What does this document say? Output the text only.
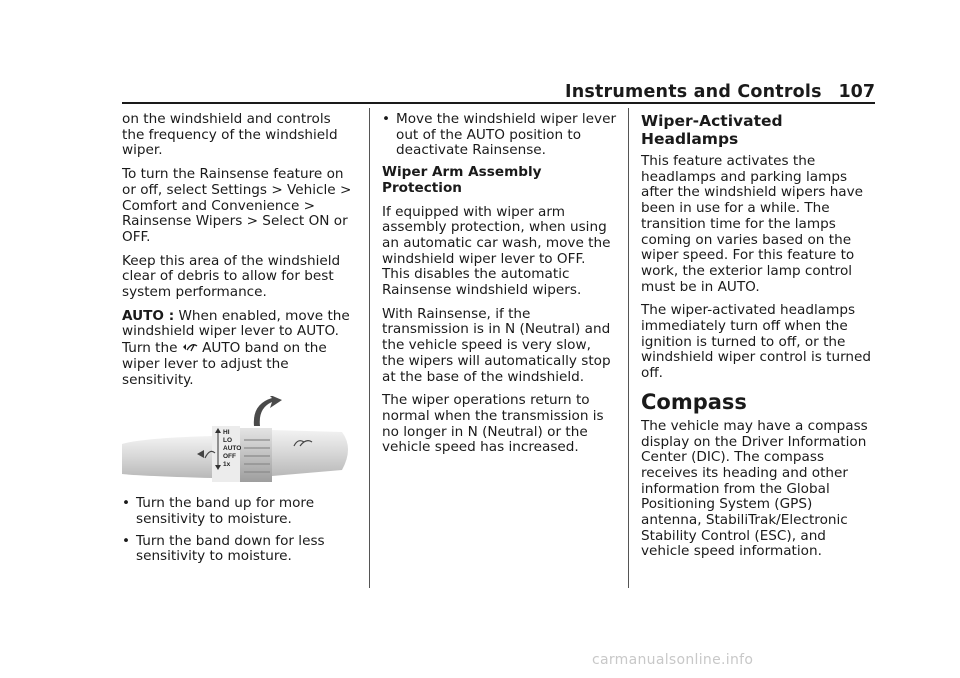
Instruments and Controls 107

on the windshield and controls the frequency of the windshield wiper.

To turn the Rainsense feature on or off, select Settings > Vehicle > Comfort and Convenience > Rainsense Wipers > Select ON or OFF.

Keep this area of the windshield clear of debris to allow for best system performance.

AUTO : When enabled, move the windshield wiper lever to AUTO. Turn the AUTO band on the wiper lever to adjust the sensitivity.

HI
LO
AUTO
OFF
1x
• Turn the band up for more sensitivity to moisture.
• Turn the band down for less sensitivity to moisture.
• Move the windshield wiper lever out of the AUTO position to deactivate Rainsense.

Wiper Arm Assembly Protection

If equipped with wiper arm assembly protection, when using an automatic car wash, move the windshield wiper lever to OFF. This disables the automatic Rainsense windshield wipers.

With Rainsense, if the transmission is in N (Neutral) and the vehicle speed is very slow, the wipers will automatically stop at the base of the windshield.

The wiper operations return to normal when the transmission is no longer in N (Neutral) or the vehicle speed has increased.

Wiper-Activated Headlamps

This feature activates the headlamps and parking lamps after the windshield wipers have been in use for a while. The transition time for the lamps coming on varies based on the wiper speed. For this feature to work, the exterior lamp control must be in AUTO.

The wiper-activated headlamps immediately turn off when the ignition is turned to off, or the windshield wiper control is turned off.

Compass

The vehicle may have a compass display on the Driver Information Center (DIC). The compass receives its heading and other information from the Global Positioning System (GPS) antenna, StabiliTrak/Electronic Stability Control (ESC), and vehicle speed information.

carmanualsonline.info
